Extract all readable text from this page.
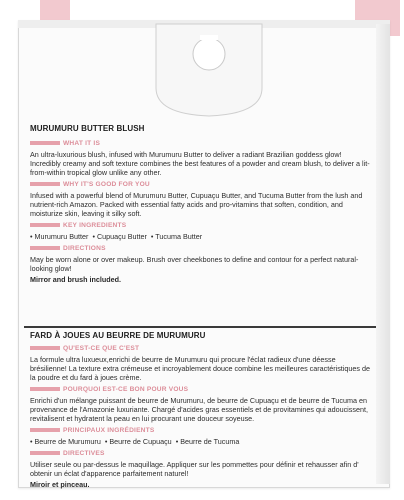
MURUMURU BUTTER BLUSH
WHAT IT IS
An ultra-luxurious blush, infused with Murumuru Butter to deliver a radiant Brazilian goddess glow! Incredibly creamy and soft texture combines the best features of a powder and cream blush, to deliver a lit-from-within tropical glow unlike any other.
WHY IT'S GOOD FOR YOU
Infused with a powerful blend of Murumuru Butter, Cupuaçu Butter, and Tucuma Butter from the lush and nutrient-rich Amazon. Packed with essential fatty acids and pro-vitamins that soften, condition, and moisturize skin, leaving it silky soft.
KEY INGREDIENTS
• Murumuru Butter • Cupuaçu Butter • Tucuma Butter
DIRECTIONS
May be worn alone or over makeup. Brush over cheekbones to define and contour for a perfect natural-looking glow!
Mirror and brush included.
FARD À JOUES AU BEURRE DE MURUMURU
QU'EST-CE QUE C'EST
La formule ultra luxueux,enrichi de beurre de Murumuru qui procure l'éclat radieux d'une déesse brésilienne! La texture extra crémeuse et incroyablement douce combine les meilleures caractéristiques de la poudre et du fard à joues crème.
POURQUOI EST-CE BON POUR VOUS
Enrichi d'un mélange puissant de beurre de Murumuru, de beurre de Cupuaçu et de beurre de Tucuma en provenance de l'Amazonie luxuriante. Chargé d'acides gras essentiels et de provitamines qui adoucissent, revitalisent et hydratent la peau en lui procurant une douceur soyeuse.
PRINCIPAUX INGRÉDIENTS
• Beurre de Murumuru • Beurre de Cupuaçu • Beurre de Tucuma
DIRECTIVES
Utiliser seule ou par-dessus le maquillage. Appliquer sur les pommettes pour définir et rehausser afin d' obtenir un éclat d'apparence parfaitement naturel!
Miroir et pinceau.
